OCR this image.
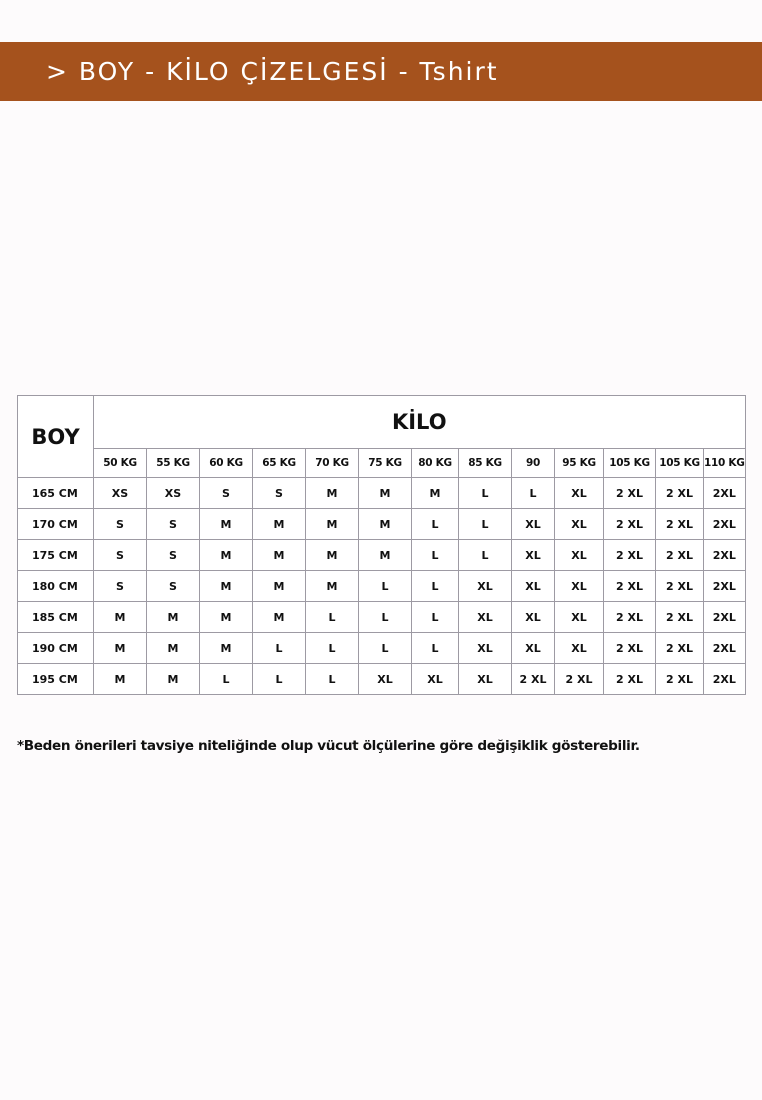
> BOY - KİLO ÇİZELGESİ - Tshirt
BOY	KİLO												
	50 KG	55 KG	60 KG	65 KG	70 KG	75 KG	80 KG	85 KG	90	95 KG	105 KG	105 KG	110 KG
165 CM	XS	XS	S	S	M	M	M	L	L	XL	2 XL	2 XL	2XL
170 CM	S	S	M	M	M	M	L	L	XL	XL	2 XL	2 XL	2XL
175 CM	S	S	M	M	M	M	L	L	XL	XL	2 XL	2 XL	2XL
180 CM	S	S	M	M	M	L	L	XL	XL	XL	2 XL	2 XL	2XL
185 CM	M	M	M	M	L	L	L	XL	XL	XL	2 XL	2 XL	2XL
190 CM	M	M	M	L	L	L	L	XL	XL	XL	2 XL	2 XL	2XL
195 CM	M	M	L	L	L	XL	XL	XL	2 XL	2 XL	2 XL	2 XL	2XL
*Beden önerileri tavsiye niteliğinde olup vücut ölçülerine göre değişiklik gösterebilir.
